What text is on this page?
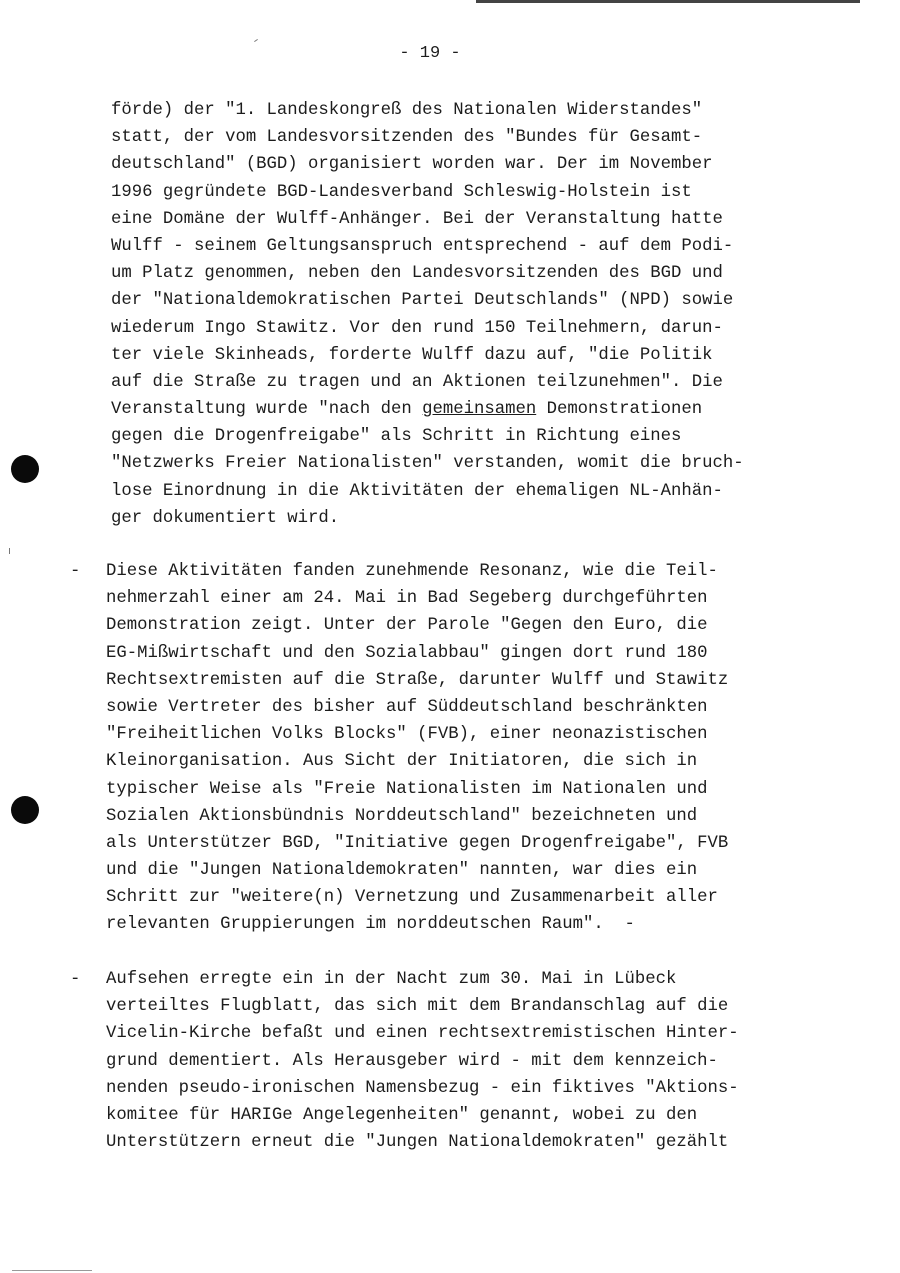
- 19 -
förde) der "1. Landeskongreß des Nationalen Widerstandes"
statt, der vom Landesvorsitzenden des "Bundes für Gesamt-
deutschland" (BGD) organisiert worden war. Der im November
1996 gegründete BGD-Landesverband Schleswig-Holstein ist
eine Domäne der Wulff-Anhänger. Bei der Veranstaltung hatte
Wulff - seinem Geltungsanspruch entsprechend - auf dem Podi-
um Platz genommen, neben den Landesvorsitzenden des BGD und
der "Nationaldemokratischen Partei Deutschlands" (NPD) sowie
wiederum Ingo Stawitz. Vor den rund 150 Teilnehmern, darun-
ter viele Skinheads, forderte Wulff dazu auf, "die Politik
auf die Straße zu tragen und an Aktionen teilzunehmen". Die
Veranstaltung wurde "nach den gemeinsamen Demonstrationen
gegen die Drogenfreigabe" als Schritt in Richtung eines
"Netzwerks Freier Nationalisten" verstanden, womit die bruch-
lose Einordnung in die Aktivitäten der ehemaligen NL-Anhän-
ger dokumentiert wird.
- Diese Aktivitäten fanden zunehmende Resonanz, wie die Teil-
nehmerzahl einer am 24. Mai in Bad Segeberg durchgeführten
Demonstration zeigt. Unter der Parole "Gegen den Euro, die
EG-Mißwirtschaft und den Sozialabbau" gingen dort rund 180
Rechtsextremisten auf die Straße, darunter Wulff und Stawitz
sowie Vertreter des bisher auf Süddeutschland beschränkten
"Freiheitlichen Volks Blocks" (FVB), einer neonazistischen
Kleinorganisation. Aus Sicht der Initiatoren, die sich in
typischer Weise als "Freie Nationalisten im Nationalen und
Sozialen Aktionsbündnis Norddeutschland" bezeichneten und
als Unterstützer BGD, "Initiative gegen Drogenfreigabe", FVB
und die "Jungen Nationaldemokraten" nannten, war dies ein
Schritt zur "weitere(n) Vernetzung und Zusammenarbeit aller
relevanten Gruppierungen im norddeutschen Raum".  -
- Aufsehen erregte ein in der Nacht zum 30. Mai in Lübeck
verteiltes Flugblatt, das sich mit dem Brandanschlag auf die
Vicelin-Kirche befaßt und einen rechtsextremistischen Hinter-
grund dementiert. Als Herausgeber wird - mit dem kennzeich-
nenden pseudo-ironischen Namensbezug - ein fiktives "Aktions-
komitee für HARIGe Angelegenheiten" genannt, wobei zu den
Unterstützern erneut die "Jungen Nationaldemokraten" gezählt
